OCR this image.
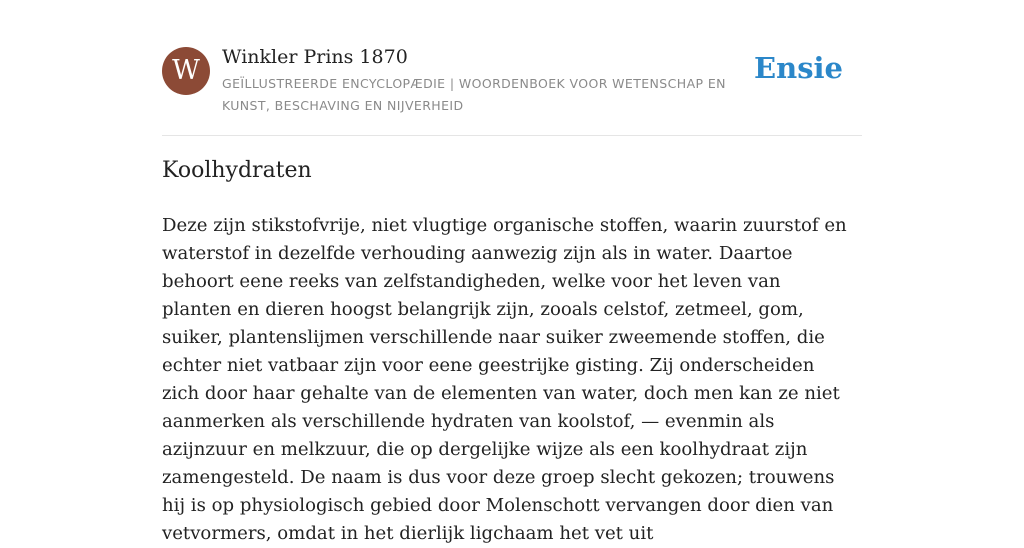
W	Winkler Prins 1870
GEÏLLUSTREERDE ENCYCLOPÆDIE | WOORDENBOEK VOOR WETENSCHAP EN KUNST, BESCHAVING EN NIJVERHEID
Ensie
Koolhydraten

Deze zijn stikstofvrije, niet vlugtige organische stoffen, waarin zuurstof en waterstof in dezelfde verhouding aanwezig zijn als in water. Daartoe behoort eene reeks van zelfstandigheden, welke voor het leven van planten en dieren hoogst belangrijk zijn, zooals celstof, zetmeel, gom, suiker, plantenslijmen verschillende naar suiker zweemende stoffen, die echter niet vatbaar zijn voor eene geestrijke gisting. Zij onderscheiden zich door haar gehalte van de elementen van water, doch men kan ze niet aanmerken als verschillende hydraten van koolstof, — evenmin als azijnzuur en melkzuur, die op dergelijke wijze als een koolhydraat zijn zamengesteld. De naam is dus voor deze groep slecht gekozen; trouwens hij is op physiologisch gebied door Molenschott vervangen door dien van vetvormers, omdat in het dierlijk ligchaam het vet uit
